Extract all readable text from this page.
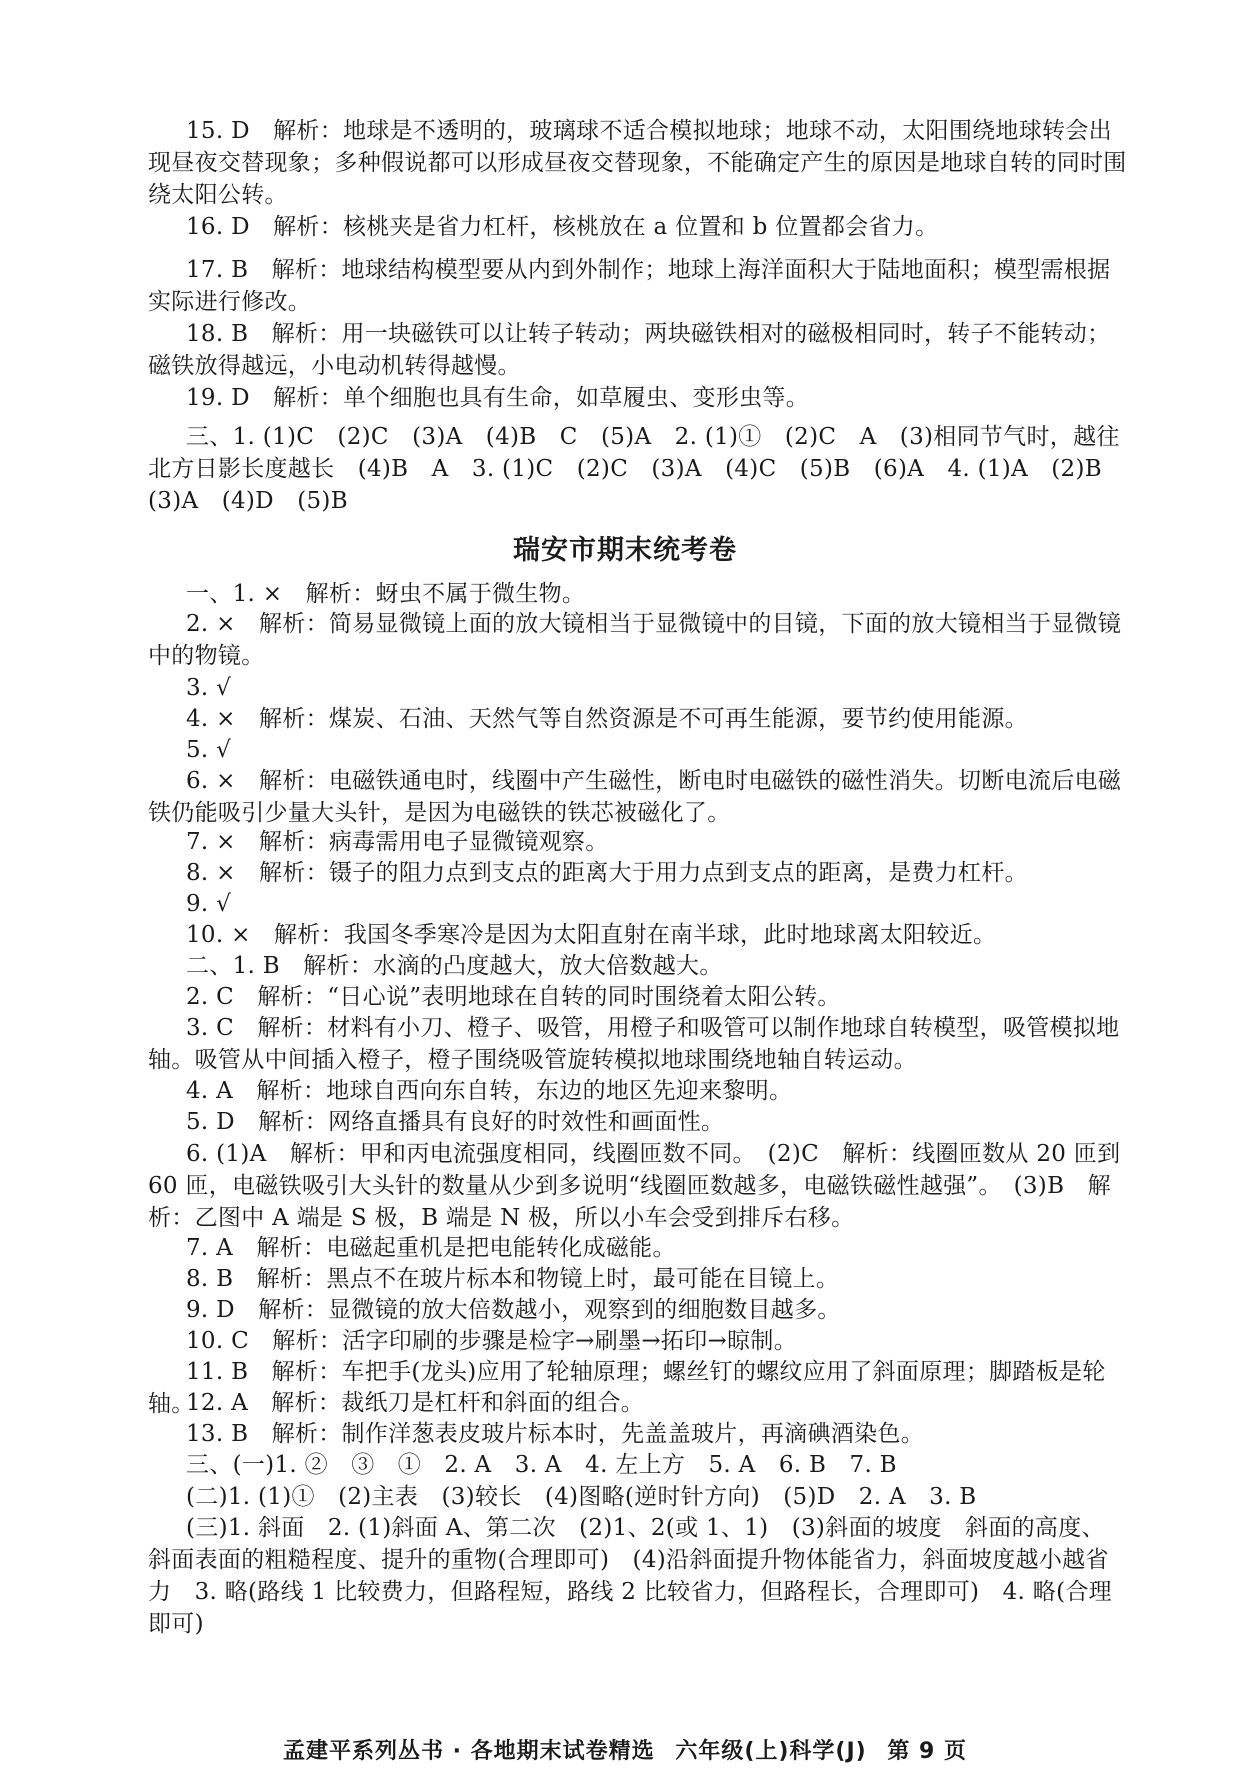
15. D　解析：地球是不透明的，玻璃球不适合模拟地球；地球不动，太阳围绕地球转会出现昼夜交替现象；多种假说都可以形成昼夜交替现象，不能确定产生的原因是地球自转的同时围绕太阳公转。

16. D　解析：核桃夹是省力杠杆，核桃放在 a 位置和 b 位置都会省力。

17. B　解析：地球结构模型要从内到外制作；地球上海洋面积大于陆地面积；模型需根据实际进行修改。

18. B　解析：用一块磁铁可以让转子转动；两块磁铁相对的磁极相同时，转子不能转动；磁铁放得越远，小电动机转得越慢。

19. D　解析：单个细胞也具有生命，如草履虫、变形虫等。

三、1. (1)C　(2)C　(3)A　(4)B　C　(5)A　2. (1)①　(2)C　A　(3)相同节气时，越往北方日影长度越长　(4)B　A　3. (1)C　(2)C　(3)A　(4)C　(5)B　(6)A　4. (1)A　(2)B　(3)A　(4)D　(5)B

瑞安市期末统考卷

一、1. ×　解析：蚜虫不属于微生物。

2. ×　解析：简易显微镜上面的放大镜相当于显微镜中的目镜，下面的放大镜相当于显微镜中的物镜。

3. √

4. ×　解析：煤炭、石油、天然气等自然资源是不可再生能源，要节约使用能源。

5. √

6. ×　解析：电磁铁通电时，线圈中产生磁性，断电时电磁铁的磁性消失。切断电流后电磁铁仍能吸引少量大头针，是因为电磁铁的铁芯被磁化了。

7. ×　解析：病毒需用电子显微镜观察。

8. ×　解析：镊子的阻力点到支点的距离大于用力点到支点的距离，是费力杠杆。

9. √

10. ×　解析：我国冬季寒冷是因为太阳直射在南半球，此时地球离太阳较近。

二、1. B　解析：水滴的凸度越大，放大倍数越大。

2. C　解析：“日心说”表明地球在自转的同时围绕着太阳公转。

3. C　解析：材料有小刀、橙子、吸管，用橙子和吸管可以制作地球自转模型，吸管模拟地轴。吸管从中间插入橙子，橙子围绕吸管旋转模拟地球围绕地轴自转运动。

4. A　解析：地球自西向东自转，东边的地区先迎来黎明。

5. D　解析：网络直播具有良好的时效性和画面性。

6. (1)A　解析：甲和丙电流强度相同，线圈匝数不同。　(2)C　解析：线圈匝数从 20 匝到 60 匝，电磁铁吸引大头针的数量从少到多说明“线圈匝数越多，电磁铁磁性越强”。　(3)B　解析：乙图中 A 端是 S 极，B 端是 N 极，所以小车会受到排斥右移。

7. A　解析：电磁起重机是把电能转化成磁能。

8. B　解析：黑点不在玻片标本和物镜上时，最可能在目镜上。

9. D　解析：显微镜的放大倍数越小，观察到的细胞数目越多。

10. C　解析：活字印刷的步骤是检字→刷墨→拓印→晾制。

11. B　解析：车把手(龙头)应用了轮轴原理；螺丝钉的螺纹应用了斜面原理；脚踏板是轮轴。

12. A　解析：裁纸刀是杠杆和斜面的组合。

13. B　解析：制作洋葱表皮玻片标本时，先盖盖玻片，再滴碘酒染色。

三、(一)1. ②　③　①　2. A　3. A　4. 左上方　5. A　6. B　7. B

(二)1. (1)①　(2)主表　(3)较长　(4)图略(逆时针方向)　(5)D　2. A　3. B

(三)1. 斜面　2. (1)斜面 A、第二次　(2)1、2(或 1、1)　(3)斜面的坡度　斜面的高度、斜面表面的粗糙程度、提升的重物(合理即可)　(4)沿斜面提升物体能省力，斜面坡度越小越省力　3. 略(路线 1 比较费力，但路程短，路线 2 比较省力，但路程长，合理即可)　4. 略(合理即可)

孟建平系列丛书 · 各地期末试卷精选 六年级(上)科学(J) 第 9 页
